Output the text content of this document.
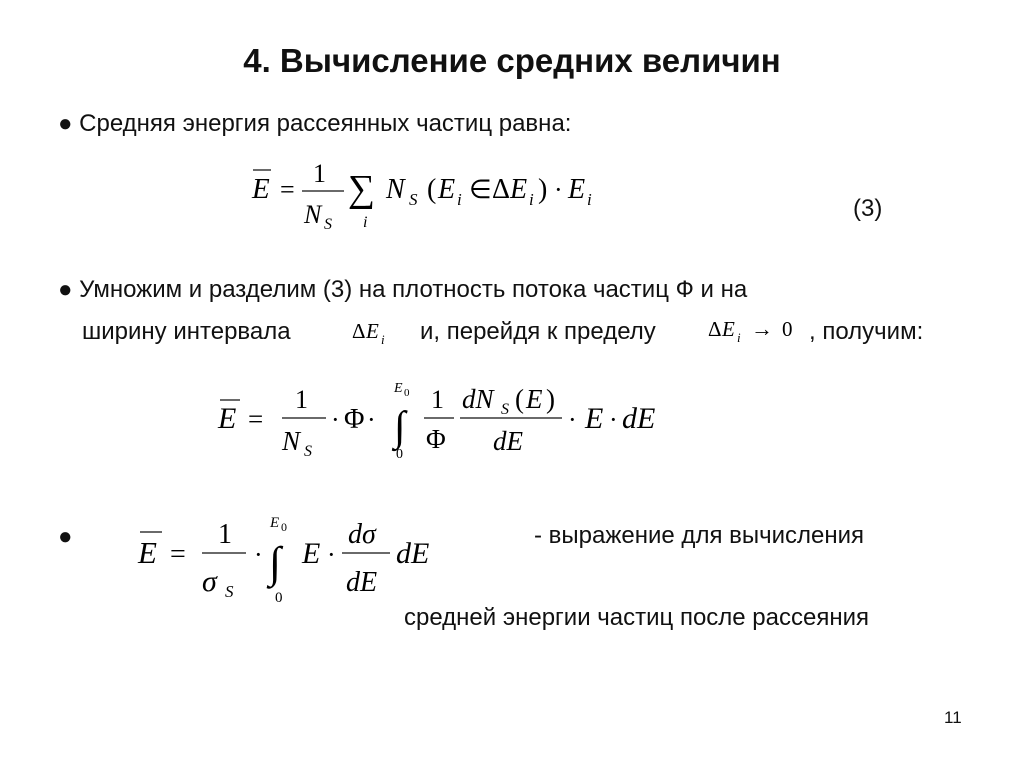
4. Вычисление средних величин
● Средняя энергия рассеянных частиц равна:
E =
1
N S
∑
i
N S ( E i ∈ Δ E i ) · E i	(3)
● Умножим и разделим (3) на плотность потока частиц Ф и на
ширину интервала	Δ E i и, перейдя к пределу Δ E i → 0 , получим:
E =
1
N S
· Φ ·
E 0
∫
0
1
Φ
dN S ( E )
dE
· E · dE
● E =
1
σ S
·
E 0
∫
0
E ·
dσ
dE
dE
- выражение для вычисления
средней энергии частиц после рассеяния
11
